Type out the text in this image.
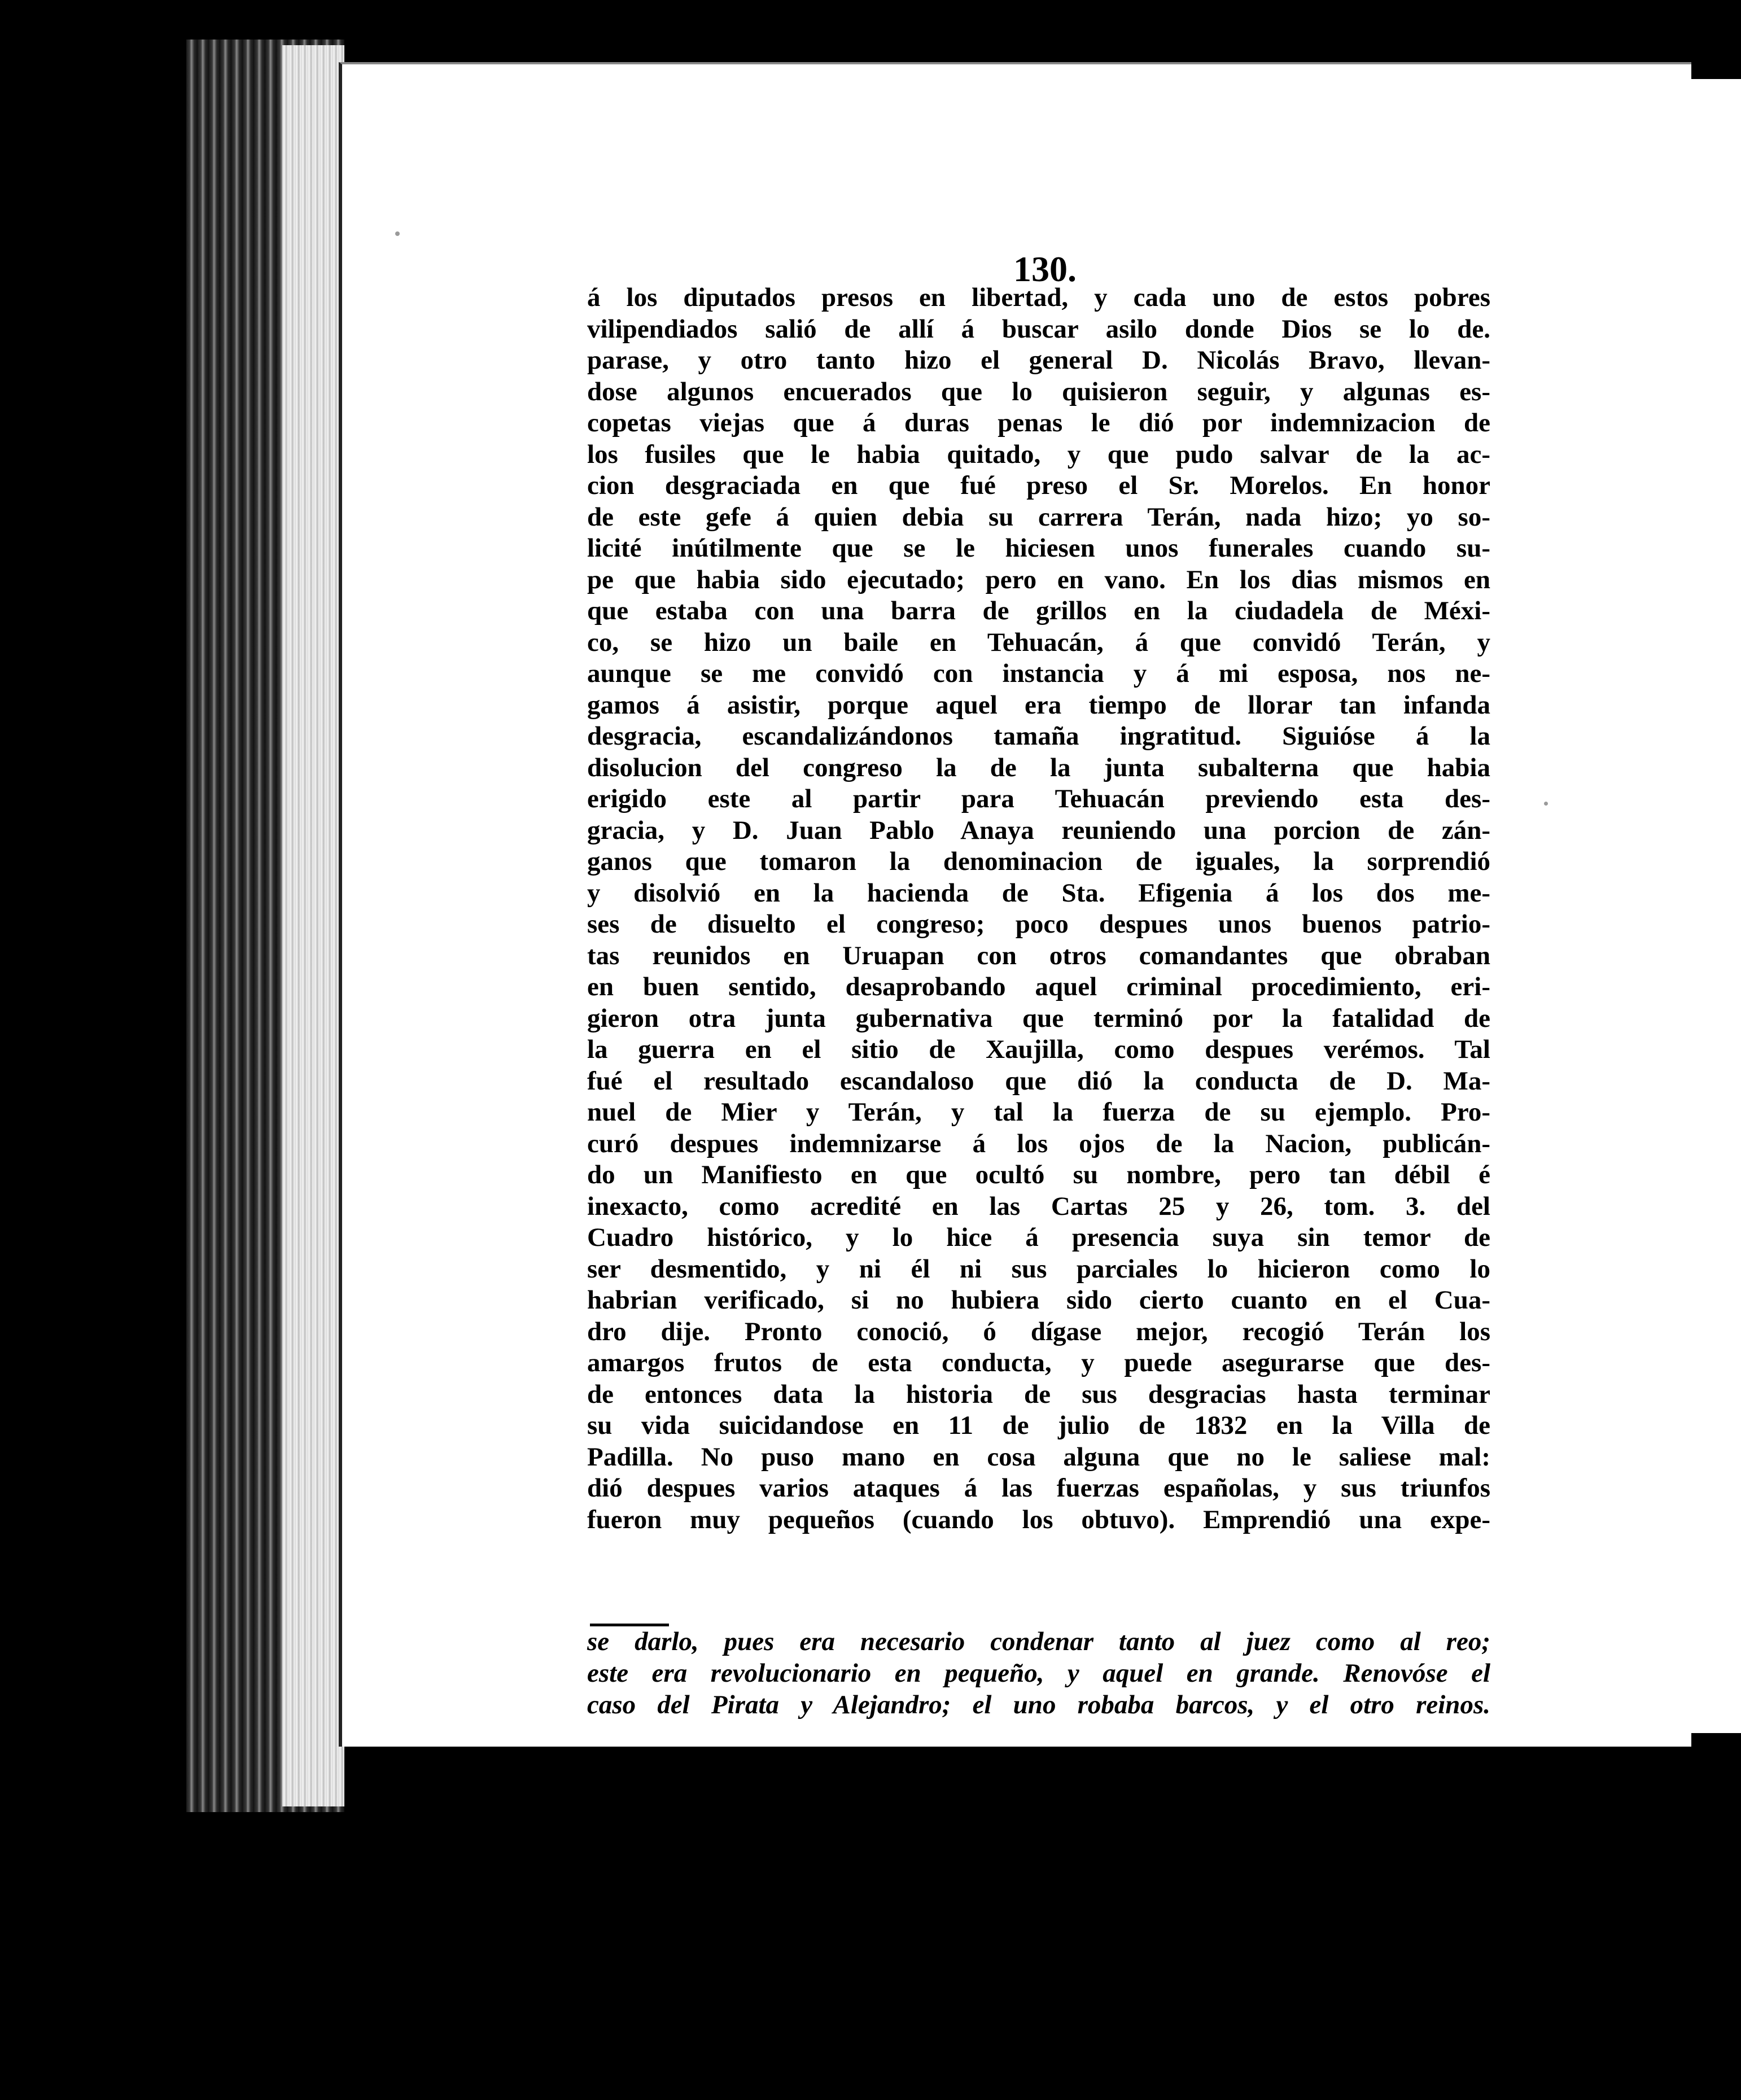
130.
á los diputados presos en libertad, y cada uno de estos pobres
vilipendiados salió de allí á buscar asilo donde Dios se lo de.
parase, y otro tanto hizo el general D. Nicolás Bravo, llevan-
dose algunos encuerados que lo quisieron seguir, y algunas es-
copetas viejas que á duras penas le dió por indemnizacion de
los fusiles que le habia quitado, y que pudo salvar de la ac-
cion desgraciada en que fué preso el Sr. Morelos. En honor
de este gefe á quien debia su carrera Terán, nada hizo; yo so-
licité inútilmente que se le hiciesen unos funerales cuando su-
pe que habia sido ejecutado; pero en vano. En los dias mismos en
que estaba con una barra de grillos en la ciudadela de Méxi-
co, se hizo un baile en Tehuacán, á que convidó Terán, y
aunque se me convidó con instancia y á mi esposa, nos ne-
gamos á asistir, porque aquel era tiempo de llorar tan infanda
desgracia, escandalizándonos tamaña ingratitud. Siguióse á la
disolucion del congreso la de la junta subalterna que habia
erigido este al partir para Tehuacán previendo esta des-
gracia, y D. Juan Pablo Anaya reuniendo una porcion de zán-
ganos que tomaron la denominacion de iguales, la sorprendió
y disolvió en la hacienda de Sta. Efigenia á los dos me-
ses de disuelto el congreso; poco despues unos buenos patrio-
tas reunidos en Uruapan con otros comandantes que obraban
en buen sentido, desaprobando aquel criminal procedimiento, eri-
gieron otra junta gubernativa que terminó por la fatalidad de
la guerra en el sitio de Xaujilla, como despues verémos. Tal
fué el resultado escandaloso que dió la conducta de D. Ma-
nuel de Mier y Terán, y tal la fuerza de su ejemplo. Pro-
curó despues indemnizarse á los ojos de la Nacion, publicán-
do un Manifiesto en que ocultó su nombre, pero tan débil é
inexacto, como acredité en las Cartas 25 y 26, tom. 3. del
Cuadro histórico, y lo hice á presencia suya sin temor de
ser desmentido, y ni él ni sus parciales lo hicieron como lo
habrian verificado, si no hubiera sido cierto cuanto en el Cua-
dro dije. Pronto conoció, ó dígase mejor, recogió Terán los
amargos frutos de esta conducta, y puede asegurarse que des-
de entonces data la historia de sus desgracias hasta terminar
su vida suicidandose en 11 de julio de 1832 en la Villa de
Padilla. No puso mano en cosa alguna que no le saliese mal:
dió despues varios ataques á las fuerzas españolas, y sus triunfos
fueron muy pequeños (cuando los obtuvo). Emprendió una expe-
se darlo, pues era necesario condenar tanto al juez como al reo;
este era revolucionario en pequeño, y aquel en grande. Renovóse el
caso del Pirata y Alejandro; el uno robaba barcos, y el otro reinos.
